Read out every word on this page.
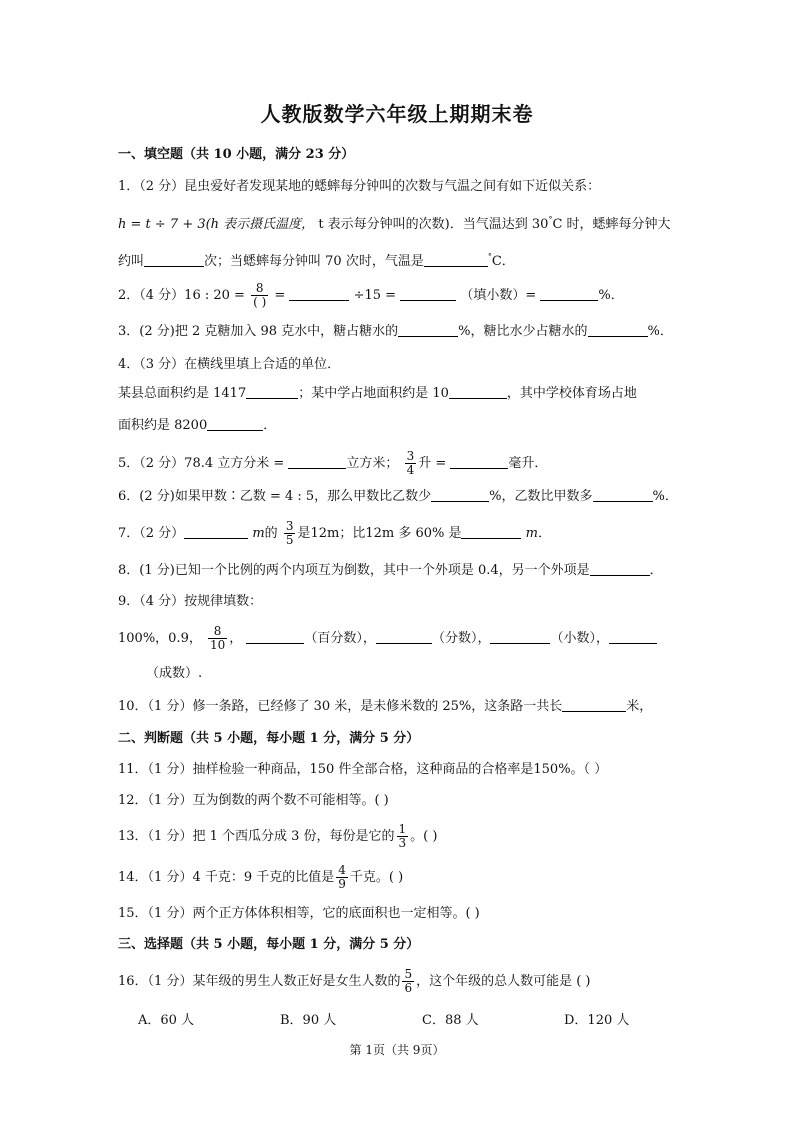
人教版数学六年级上期期末卷
一、填空题（共 10 小题，满分 23 分）
1．（2 分）昆虫爱好者发现某地的蟋蟀每分钟叫的次数与气温之间有如下近似关系：
h = t ÷ 7 + 3(h 表示摄氏温度， t 表示每分钟叫的次数)．当气温达到 30°C 时，蟋蟀每分钟大
约叫	次；当蟋蟀每分钟叫 70 次时，气温是	°C．
2．（4 分）16 : $20 = \frac{8}{( )}$ =	÷15 =	（填小数）=	%．
3．(2 分)把 2 克糖加入 98 克水中，糖占糖水的	%，糖比水少占糖水的	%．
4．（3 分）在横线里填上合适的单位．
某县总面积约是 1417	；某中学占地面积约是 10	，其中学校体育场占地
面积约是 8200	．
5．（2 分）78.4 立方分米 =	立方米； $\frac{3}{4}$ 升 =	毫升．
6．(2 分)如果甲数∶乙数 = 4 : 5，那么甲数比乙数少	%，乙数比甲数多	%．
7．（2 分）	m的 $\frac{3}{5}$ 是12m；比12m 多 60% 是	m．
8．(1 分)已知一个比例的两个内项互为倒数，其中一个外项是 0.4，另一个外项是	．
9．（4 分）按规律填数：
100%，0.9， $\frac{8}{10}$ ，	（百分数），	（分数），	（小数），
（成数）.
10．（1 分）修一条路，已经修了 30 米，是未修米数的 25%，这条路一共长	米，
二、判断题（共 5 小题，每小题 1 分，满分 5 分）
11．（1 分）抽样检验一种商品，150 件全部合格，这种商品的合格率是150%。（ ）
12．（1 分）互为倒数的两个数不可能相等。( )
13．（1 分）把 1 个西瓜分成 3 份，每份是它的 $\frac{1}{3}$ 。( )
14．（1 分）4 千克：9 千克的比值是 $\frac{4}{9}$ 千克。( )
15．（1 分）两个正方体体积相等，它的底面积也一定相等。( )
三、选择题（共 5 小题，每小题 1 分，满分 5 分）
16．（1 分）某年级的男生人数正好是女生人数的 $\frac{5}{6}$ ，这个年级的总人数可能是 ( )
A．60 人	B．90 人	C．88 人	D．120 人
第 1页（共 9页）
